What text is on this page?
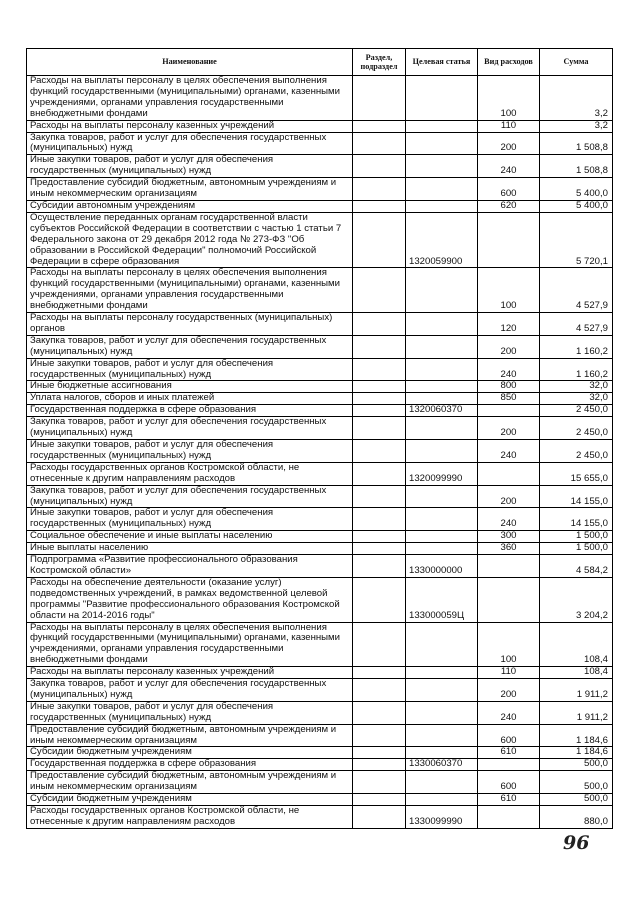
Наименование	Раздел, подраздел	Целевая статья	Вид расходов	Сумма
Расходы на выплаты персоналу в целях обеспечения выполнения функций государственными (муниципальными) органами, казенными учреждениями, органами управления государственными внебюджетными фондами			100	3,2
Расходы на выплаты персоналу казенных учреждений			110	3,2
Закупка товаров, работ и услуг для обеспечения государственных (муниципальных) нужд			200	1 508,8
Иные закупки товаров, работ и услуг для обеспечения государственных (муниципальных) нужд			240	1 508,8
Предоставление субсидий бюджетным, автономным учреждениям и иным некоммерческим организациям			600	5 400,0
Субсидии автономным учреждениям			620	5 400,0
Осуществление переданных органам государственной власти субъектов Российской Федерации в соответствии с частью 1 статьи 7 Федерального закона от 29 декабря 2012 года № 273-ФЗ "Об образовании в Российской Федерации" полномочий Российской Федерации в сфере образования		1320059900		5 720,1
Расходы на выплаты персоналу в целях обеспечения выполнения функций государственными (муниципальными) органами, казенными учреждениями, органами управления государственными внебюджетными фондами			100	4 527,9
Расходы на выплаты персоналу государственных (муниципальных) органов			120	4 527,9
Закупка товаров, работ и услуг для обеспечения государственных (муниципальных) нужд			200	1 160,2
Иные закупки товаров, работ и услуг для обеспечения государственных (муниципальных) нужд			240	1 160,2
Иные бюджетные ассигнования			800	32,0
Уплата налогов, сборов и иных платежей			850	32,0
Государственная поддержка в сфере образования		1320060370		2 450,0
Закупка товаров, работ и услуг для обеспечения государственных (муниципальных) нужд			200	2 450,0
Иные закупки товаров, работ и услуг для обеспечения государственных (муниципальных) нужд			240	2 450,0
Расходы государственных органов Костромской области, не отнесенные к другим направлениям расходов		1320099990		15 655,0
Закупка товаров, работ и услуг для обеспечения государственных (муниципальных) нужд			200	14 155,0
Иные закупки товаров, работ и услуг для обеспечения государственных (муниципальных) нужд			240	14 155,0
Социальное обеспечение и иные выплаты населению			300	1 500,0
Иные выплаты населению			360	1 500,0
Подпрограмма «Развитие профессионального образования Костромской области»		1330000000		4 584,2
Расходы на обеспечение деятельности (оказание услуг) подведомственных учреждений, в рамках ведомственной целевой программы "Развитие профессионального образования Костромской области на 2014-2016 годы"		133000059Ц		3 204,2
Расходы на выплаты персоналу в целях обеспечения выполнения функций государственными (муниципальными) органами, казенными учреждениями, органами управления государственными внебюджетными фондами			100	108,4
Расходы на выплаты персоналу казенных учреждений			110	108,4
Закупка товаров, работ и услуг для обеспечения государственных (муниципальных) нужд			200	1 911,2
Иные закупки товаров, работ и услуг для обеспечения государственных (муниципальных) нужд			240	1 911,2
Предоставление субсидий бюджетным, автономным учреждениям и иным некоммерческим организациям			600	1 184,6
Субсидии бюджетным учреждениям			610	1 184,6
Государственная поддержка в сфере образования		1330060370		500,0
Предоставление субсидий бюджетным, автономным учреждениям и иным некоммерческим организациям			600	500,0
Субсидии бюджетным учреждениям			610	500,0
Расходы государственных органов Костромской области, не отнесенные к другим направлениям расходов		1330099990		880,0
96
